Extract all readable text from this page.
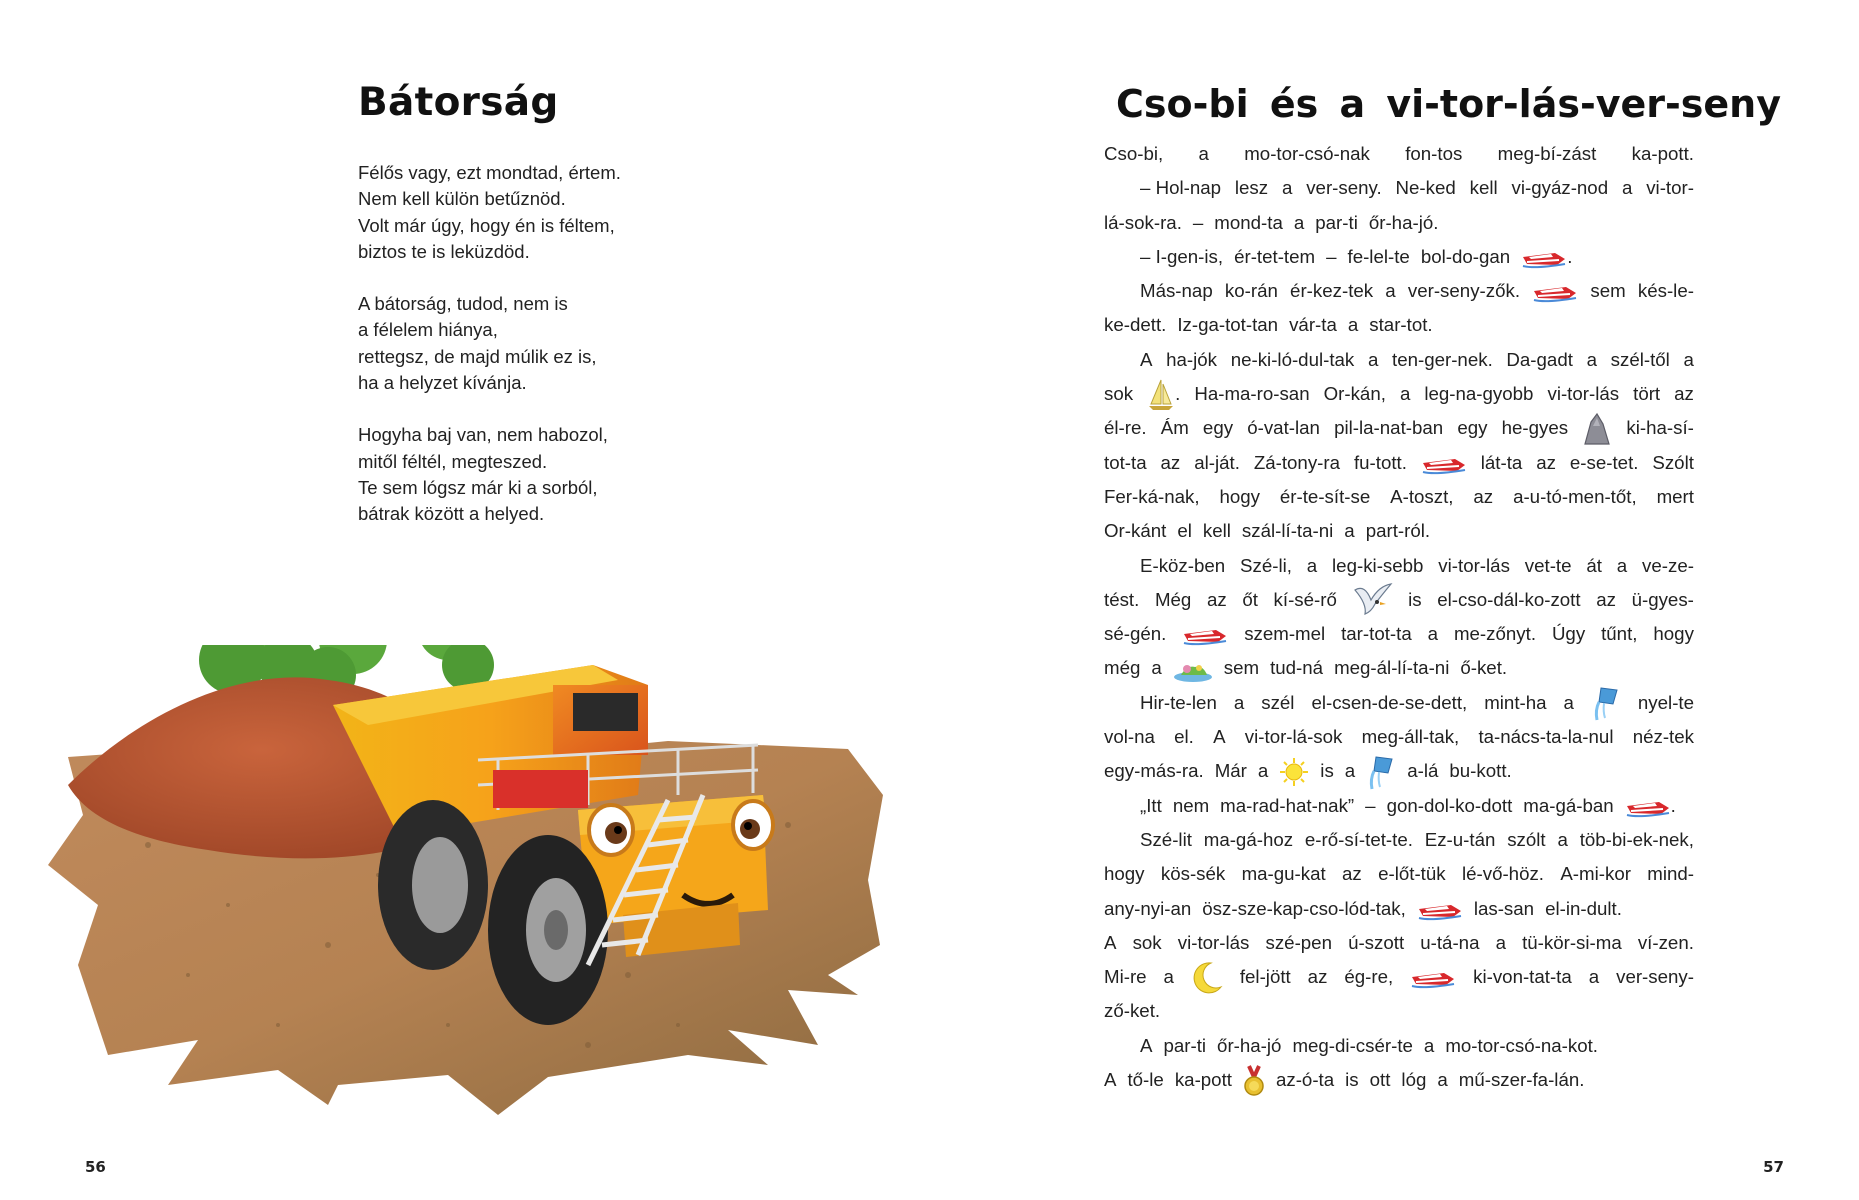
Bátorság
Félős vagy, ezt mondtad, értem.
Nem kell külön betűznöd.
Volt már úgy, hogy én is féltem,
biztos te is leküzdöd.
A bátorság, tudod, nem is
a félelem hiánya,
rettegsz, de majd múlik ez is,
ha a helyzet kívánja.
Hogyha baj van, nem habozol,
mitől féltél, megteszed.
Te sem lógsz már ki a sorból,
bátrak között a helyed.
56
Cso-bi és a vi-tor-lás-ver-seny
Cso-bi, a mo-tor-csó-nak fon-tos meg-bí-zást ka-pott.
– Hol-nap lesz a ver-seny. Ne-ked kell vi-gyáz-nod a vi-tor-
lá-sok-ra. – mond-ta a par-ti őr-ha-jó.
– I-gen-is, ér-tet-tem – fe-lel-te bol-do-gan	.
Más-nap ko-rán ér-kez-tek a ver-seny-zők.	sem kés-le-
ke-dett. Iz-ga-tot-tan vár-ta a star-tot.
A ha-jók ne-ki-ló-dul-tak a ten-ger-nek. Da-gadt a szél-től a
sok . Ha-ma-ro-san Or-kán, a leg-na-gyobb vi-tor-lás tört az
él-re. Ám egy ó-vat-lan pil-la-nat-ban egy he-gyes	ki-ha-sí-
tot-ta az al-ját. Zá-tony-ra fu-tott.	lát-ta az e-se-tet. Szólt
Fer-ká-nak, hogy ér-te-sít-se A-toszt, az a-u-tó-men-tőt, mert
Or-kánt el kell szál-lí-ta-ni a part-ról.
E-köz-ben Szé-li, a leg-ki-sebb vi-tor-lás vet-te át a ve-ze-
tést. Még az őt kí-sé-rő	is el-cso-dál-ko-zott az ü-gyes-
sé-gén.	szem-mel tar-tot-ta a me-zőnyt. Úgy tűnt, hogy
még a	sem tud-ná meg-ál-lí-ta-ni ő-ket.
Hir-te-len a szél el-csen-de-se-dett, mint-ha a	nyel-te
vol-na el. A vi-tor-lá-sok meg-áll-tak, ta-nács-ta-la-nul néz-tek
egy-más-ra. Már a	is a	a-lá bu-kott.
„Itt nem ma-rad-hat-nak” – gon-dol-ko-dott ma-gá-ban	.
Szé-lit ma-gá-hoz e-rő-sí-tet-te. Ez-u-tán szólt a töb-bi-ek-nek,
hogy kös-sék ma-gu-kat az e-lőt-tük lé-vő-höz. A-mi-kor mind-
any-nyi-an ösz-sze-kap-cso-lód-tak,	las-san el-in-dult.
A sok vi-tor-lás szé-pen ú-szott u-tá-na a tü-kör-si-ma ví-zen.
Mi-re a	fel-jött az ég-re,	ki-von-tat-ta a ver-seny-
ző-ket.
A par-ti őr-ha-jó meg-di-csér-te a mo-tor-csó-na-kot.
A tő-le ka-pott az-ó-ta is ott lóg a mű-szer-fa-lán.
57
